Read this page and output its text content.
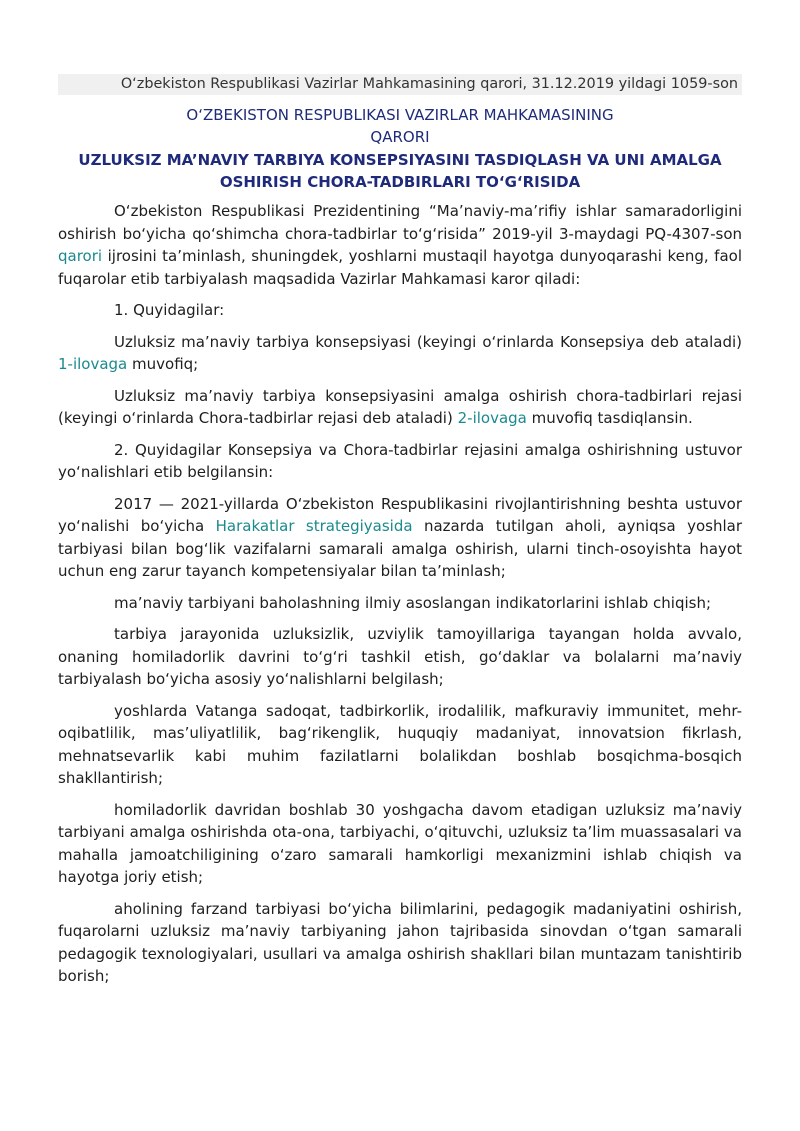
O‘zbekiston Respublikasi Vazirlar Mahkamasining qarori, 31.12.2019 yildagi 1059-son
O‘ZBEKISTON RESPUBLIKASI VAZIRLAR MAHKAMASINING
QARORI
UZLUKSIZ MA’NAVIY TARBIYA KONSEPSIYASINI TASDIQLASH VA UNI AMALGA OSHIRISH CHORA-TADBIRLARI TO‘G‘RISIDA

O‘zbekiston Respublikasi Prezidentining “Ma’naviy-ma’rifiy ishlar samaradorligini oshirish bo‘yicha qo‘shimcha chora-tadbirlar to‘g‘risida” 2019-yil 3-maydagi PQ-4307-son qarori ijrosini ta’minlash, shuningdek, yoshlarni mustaqil hayotga dunyoqarashi keng, faol fuqarolar etib tarbiyalash maqsadida Vazirlar Mahkamasi karor qiladi:

1. Quyidagilar:

Uzluksiz ma’naviy tarbiya konsepsiyasi (keyingi o‘rinlarda Konsepsiya deb ataladi) 1-ilovaga muvofiq;

Uzluksiz ma’naviy tarbiya konsepsiyasini amalga oshirish chora-tadbirlari rejasi (keyingi o‘rinlarda Chora-tadbirlar rejasi deb ataladi) 2-ilovaga muvofiq tasdiqlansin.

2. Quyidagilar Konsepsiya va Chora-tadbirlar rejasini amalga oshirishning ustuvor yo‘nalishlari etib belgilansin:

2017 — 2021-yillarda O‘zbekiston Respublikasini rivojlantirishning beshta ustuvor yo‘nalishi bo‘yicha Harakatlar strategiyasida nazarda tutilgan aholi, ayniqsa yoshlar tarbiyasi bilan bog‘lik vazifalarni samarali amalga oshirish, ularni tinch-osoyishta hayot uchun eng zarur tayanch kompetensiyalar bilan ta’minlash;

ma’naviy tarbiyani baholashning ilmiy asoslangan indikatorlarini ishlab chiqish;

tarbiya jarayonida uzluksizlik, uzviylik tamoyillariga tayangan holda avvalo, onaning homiladorlik davrini to‘g‘ri tashkil etish, go‘daklar va bolalarni ma’naviy tarbiyalash bo‘yicha asosiy yo‘nalishlarni belgilash;

yoshlarda Vatanga sadoqat, tadbirkorlik, irodalilik, mafkuraviy immunitet, mehr-oqibatlilik, mas’uliyatlilik, bag‘rikenglik, huquqiy madaniyat, innovatsion fikrlash, mehnatsevarlik kabi muhim fazilatlarni bolalikdan boshlab bosqichma-bosqich shakllantirish;

homiladorlik davridan boshlab 30 yoshgacha davom etadigan uzluksiz ma’naviy tarbiyani amalga oshirishda ota-ona, tarbiyachi, o‘qituvchi, uzluksiz ta’lim muassasalari va mahalla jamoatchiligining o‘zaro samarali hamkorligi mexanizmini ishlab chiqish va hayotga joriy etish;

aholining farzand tarbiyasi bo‘yicha bilimlarini, pedagogik madaniyatini oshirish, fuqarolarni uzluksiz ma’naviy tarbiyaning jahon tajribasida sinovdan o‘tgan samarali pedagogik texnologiyalari, usullari va amalga oshirish shakllari bilan muntazam tanishtirib borish;
